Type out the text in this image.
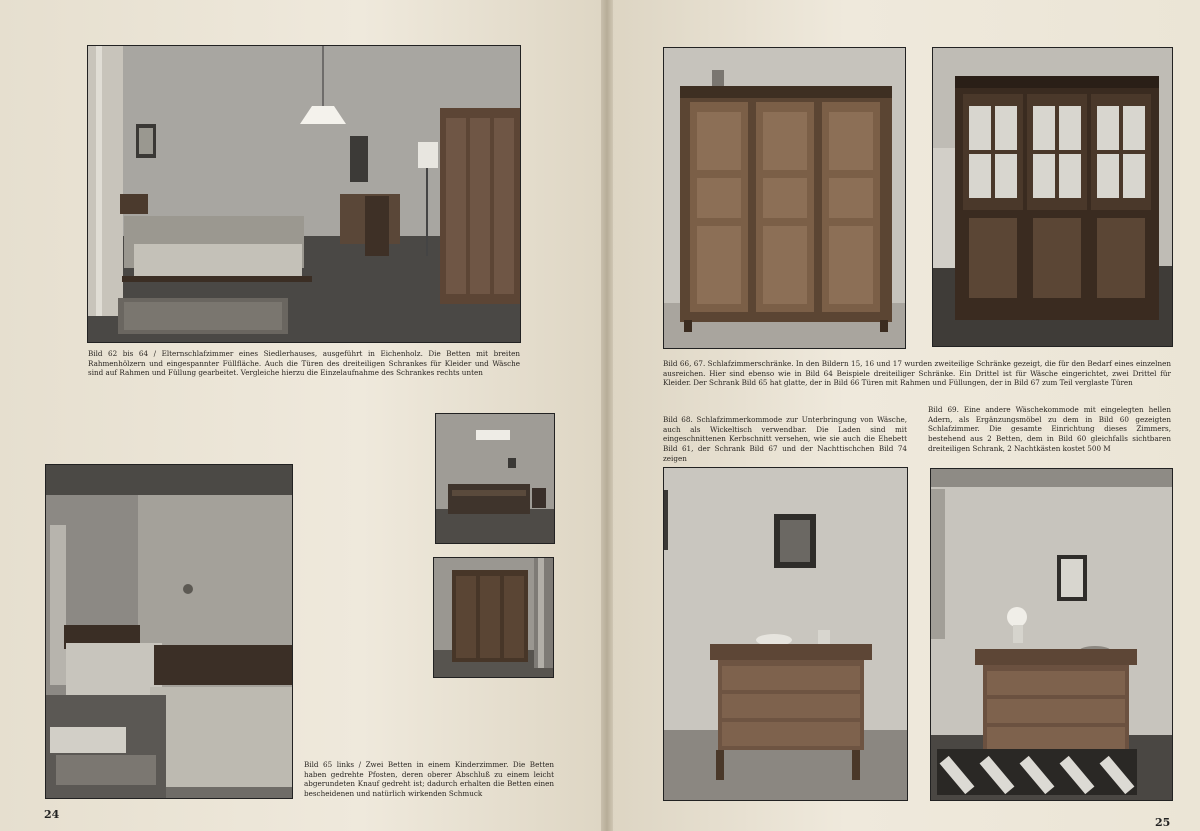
Bild 62 bis 64 / Elternschlafzimmer eines Siedlerhauses, ausgeführt in Eichenholz. Die Betten mit breiten Rahmenhölzern und eingespannter Füllfläche. Auch die Türen des dreiteiligen Schrankes für Kleider und Wäsche sind auf Rahmen und Füllung gearbeitet. Vergleiche hierzu die Einzelaufnahme des Schrankes rechts unten

Bild 65 links / Zwei Betten in einem Kinderzimmer. Die Betten haben gedrehte Pfosten, deren oberer Abschluß zu einem leicht abgerundeten Knauf gedreht ist; dadurch erhalten die Betten einen bescheidenen und natürlich wirkenden Schmuck

24

Bild 66, 67. Schlafzimmerschränke. In den Bildern 15, 16 und 17 wurden zweiteilige Schränke gezeigt, die für den Bedarf eines einzelnen ausreichen. Hier sind ebenso wie in Bild 64 Beispiele dreiteiliger Schränke. Ein Drittel ist für Wäsche eingerichtet, zwei Drittel für Kleider. Der Schrank Bild 65 hat glatte, der in Bild 66 Türen mit Rahmen und Füllungen, der in Bild 67 zum Teil verglaste Türen

Bild 68. Schlafzimmerkommode zur Unterbringung von Wäsche, auch als Wickeltisch verwendbar. Die Laden sind mit eingeschnittenen Kerbschnitt versehen, wie sie auch die Ehebett Bild 61, der Schrank Bild 67 und der Nachttischchen Bild 74 zeigen

Bild 69. Eine andere Wäschekommode mit eingelegten hellen Adern, als Ergänzungsmöbel zu dem in Bild 60 gezeigten Schlafzimmer. Die gesamte Einrichtung dieses Zimmers, bestehend aus 2 Betten, dem in Bild 60 gleichfalls sichtbaren dreiteiligen Schrank, 2 Nachtkästen kostet 500 M

25
